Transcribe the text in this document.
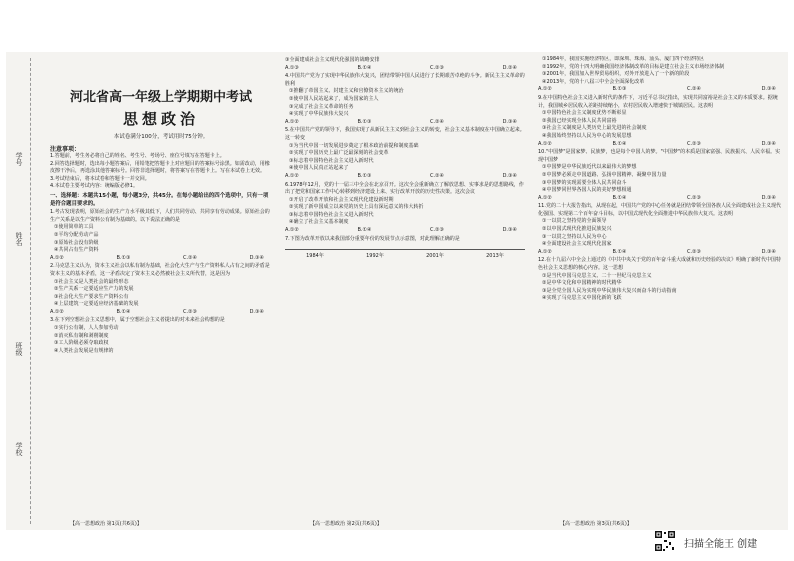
学号
姓名
班级
学校
河北省高一年级上学期期中考试
思想政治
本试卷满分100分，考试用时75分钟。
注意事项：
1.答题前，考生务必将自己的姓名、考生号、考场号、座位号填写在答题卡上。
2.回答选择题时，选出每小题答案后，用铅笔把答题卡上对应题目的答案标号涂黑。如需改动，用橡皮擦干净后，再选涂其他答案标号。回答非选择题时，将答案写在答题卡上。写在本试卷上无效。
3.考试结束后，将本试卷和答题卡一并交回。
4.本试卷主要考试内容：统编版必修1。
一、选择题：本题共15小题，每小题3分，共45分。在每小题给出的四个选项中，只有一项是符合题目要求的。
1.考古发现表明，原始社会的生产力水平极其低下，人们共同劳动、共同享有劳动成果。原始社会的生产关系是以生产资料公有制为基础的。以下说法正确的是
①使用简单的工具
②平均分配劳动产品
③原始社会没有阶级
④共同占有生产资料
A.①②	B.①③	C.②④	D.③④
2.马克思主义认为，资本主义社会以私有制为基础，社会化大生产与生产资料私人占有之间的矛盾是资本主义的基本矛盾，这一矛盾决定了资本主义必然被社会主义所代替，这是因为
①社会主义是人类社会的最终形态
②生产关系一定要适应生产力的发展
③社会化大生产要求生产资料公有
④上层建筑一定要适应经济基础的发展
A.①②	B.①④	C.②③	D.③④
3.在下列空想社会主义思想中，属于空想社会主义者提出的对未来社会构想的是
①实行公有制，人人参加劳动
②消灭私有制和剥削制度
③工人阶级必须夺取政权
④人类社会发展是有规律的
【高一思想政治 第1页(共6页)】
③全面建成社会主义现代化强国的战略安排
A.①③	B.①④	C.②③	D.②④
4.中国共产党为了实现中华民族伟大复兴，团结带领中国人民进行了长期艰苦卓绝的斗争。新民主主义革命的胜利
①推翻了帝国主义、封建主义和官僚资本主义的统治
②使中国人民站起来了，成为国家的主人
③完成了社会主义革命的任务
④实现了中华民族伟大复兴
A.①②	B.①③	C.②④	D.③④
5.在中国共产党的领导下，我国实现了从新民主主义到社会主义的转变，社会主义基本制度在中国确立起来。这一转变
①为当代中国一切发展进步奠定了根本政治前提和制度基础
②实现了中国历史上最广泛最深刻的社会变革
③标志着中国特色社会主义进入新时代
④使中国人民真正站起来了
A.①②	B.①③	C.②④	D.③④
6.1978年12月，党的十一届三中全会在北京召开。这次全会重新确立了解放思想、实事求是的思想路线，作出了把党和国家工作中心转移到经济建设上来、实行改革开放的历史性决策。这次会议
①开启了改革开放和社会主义现代化建设新时期
②实现了新中国成立以来党的历史上具有深远意义的伟大转折
③标志着中国特色社会主义进入新时代
④确立了社会主义基本制度
A.①②	B.①④	C.②③	D.③④
7.下图为改革开放以来我国部分重要年份的发展节点示意图，对此理解正确的是
1984年	1992年	2001年	2013年
【高一思想政治 第2页(共6页)】
①1984年，我国实施经济特区，即深圳、珠海、汕头、厦门四个经济特区
②1992年，党的十四大明确我国经济体制改革的目标是建立社会主义市场经济体制
③2001年，我国加入世界贸易组织，对外开放进入了一个新的阶段
④2013年，党的十八届三中全会全面深化改革
A.①②	B.①③	C.②④	D.③④
9.在中国特色社会主义进入新时代的条件下，习近平总书记指出，实现共同富裕是社会主义的本质要求。据统计，我国城乡居民收入差距持续缩小，农村居民收入增速快于城镇居民。这表明
①中国特色社会主义制度优势不断彰显
②我国已经实现全体人民共同富裕
③社会主义制度是人类历史上最先进的社会制度
④我国始终坚持以人民为中心的发展思想
A.①②	B.①④	C.②③	D.③④
10."中国梦"是国家梦、民族梦，也是每个中国人的梦。"中国梦"的本质是国家富强、民族振兴、人民幸福。实现中国梦
①中国梦是中华民族近代以来最伟大的梦想
②中国梦必须走中国道路、弘扬中国精神、凝聚中国力量
③中国梦的实现需要全体人民共同奋斗
④中国梦同世界各国人民的美好梦想相通
A.①②	B.①④	C.②③	D.③④
11.党的二十大报告指出，从现在起，中国共产党的中心任务就是团结带领全国各族人民全面建成社会主义现代化强国、实现第二个百年奋斗目标，以中国式现代化全面推进中华民族伟大复兴。这表明
①一以贯之坚持党的全面领导
②以中国式现代化推进民族复兴
③一以贯之坚持以人民为中心
④全面建设社会主义现代化国家
A.①②	B.①④	C.②③	D.③④
12.在十九届六中全会上通过的《中共中央关于党的百年奋斗重大成就和历史经验的决议》明确了新时代中国特色社会主义思想的核心内容。这一思想
①是当代中国马克思主义、二十一世纪马克思主义
②是中华文化和中国精神的时代精华
③是全党全国人民为实现中华民族伟大复兴而奋斗的行动指南
④实现了马克思主义中国化新的飞跃
【高一思想政治 第3页(共6页)】
扫描全能王 创建
